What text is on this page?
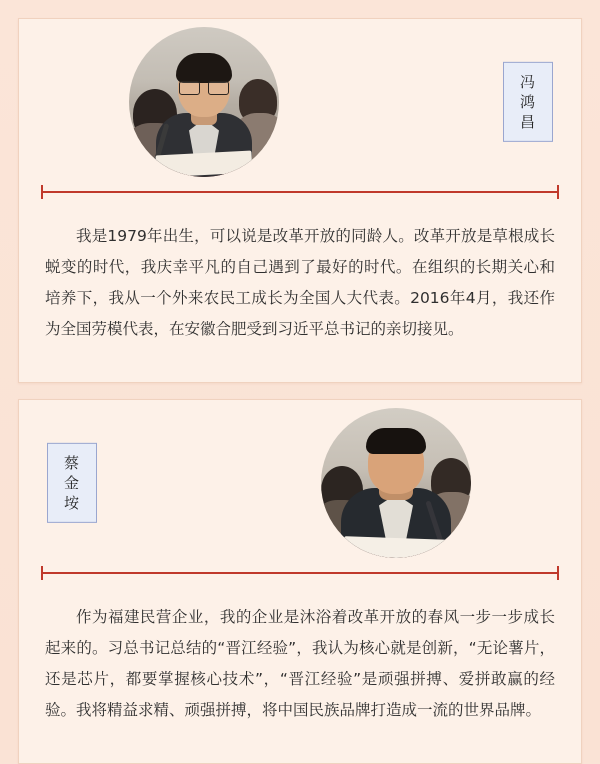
冯
鸿
昌

我是1979年出生，可以说是改革开放的同龄人。改革开放是草根成长蜕变的时代，我庆幸平凡的自己遇到了最好的时代。在组织的长期关心和培养下，我从一个外来农民工成长为全国人大代表。2016年4月，我还作为全国劳模代表，在安徽合肥受到习近平总书记的亲切接见。

蔡
金
垵

作为福建民营企业，我的企业是沐浴着改革开放的春风一步一步成长起来的。习总书记总结的“晋江经验”，我认为核心就是创新，“无论薯片，还是芯片，都要掌握核心技术”，“晋江经验”是顽强拼搏、爱拼敢赢的经验。我将精益求精、顽强拼搏，将中国民族品牌打造成一流的世界品牌。
